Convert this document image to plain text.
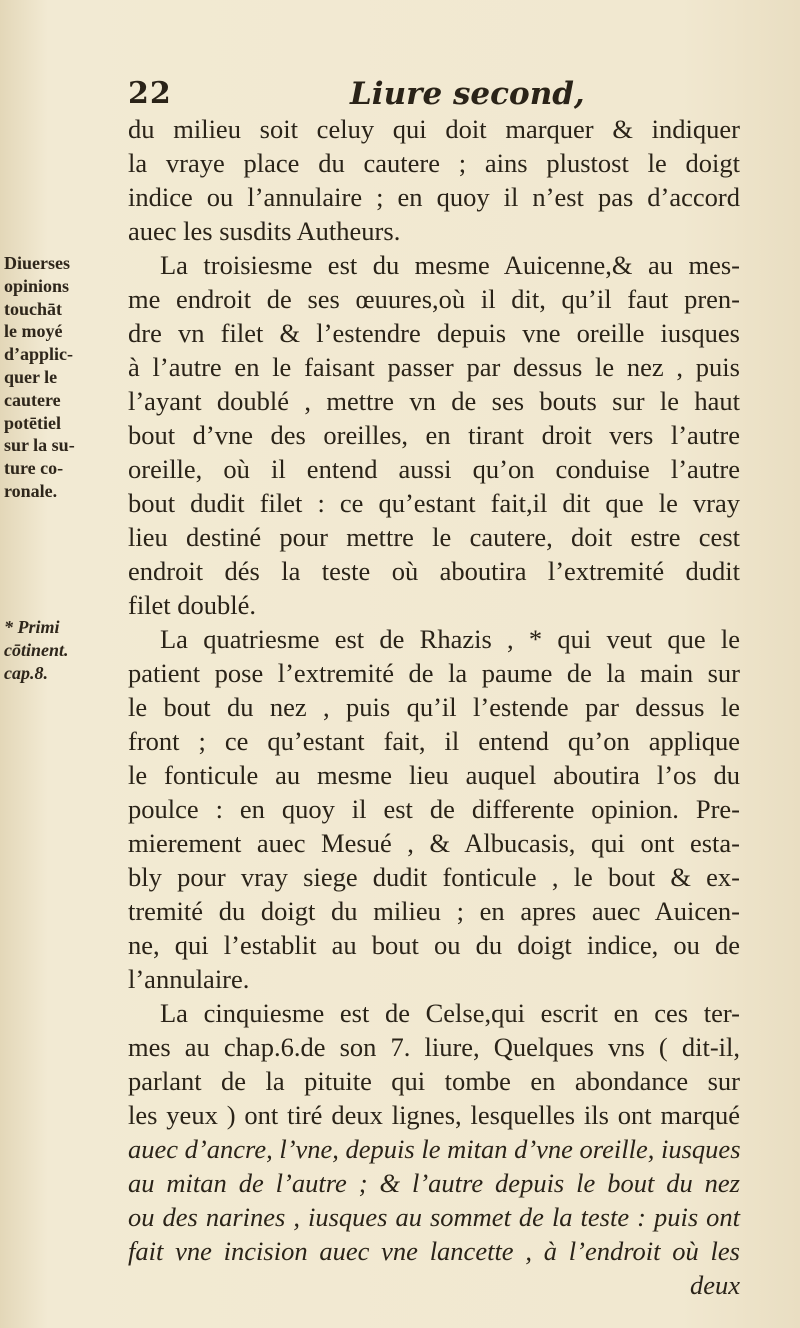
22	Liure second,
du milieu soit celuy qui doit marquer & indiquer
la vraye place du cautere ; ains plustost le doigt
indice ou l’annulaire ; en quoy il n’est pas d’accord
auec les susdits Autheurs.
La troisiesme est du mesme Auicenne,& au mes-
me endroit de ses œuures,où il dit, qu’il faut pren-
dre vn filet & l’estendre depuis vne oreille iusques
à l’autre en le faisant passer par dessus le nez , puis
l’ayant doublé , mettre vn de ses bouts sur le haut
bout d’vne des oreilles, en tirant droit vers l’autre
oreille, où il entend aussi qu’on conduise l’autre
bout dudit filet : ce qu’estant fait,il dit que le vray
lieu destiné pour mettre le cautere, doit estre cest
endroit dés la teste où aboutira l’extremité dudit
filet doublé.
La quatriesme est de Rhazis , * qui veut que le
patient pose l’extremité de la paume de la main sur
le bout du nez , puis qu’il l’estende par dessus le
front ; ce qu’estant fait, il entend qu’on applique
le fonticule au mesme lieu auquel aboutira l’os du
poulce : en quoy il est de differente opinion. Pre-
mierement auec Mesué , & Albucasis, qui ont esta-
bly pour vray siege dudit fonticule , le bout & ex-
tremité du doigt du milieu ; en apres auec Auicen-
ne, qui l’establit au bout ou du doigt indice, ou de
l’annulaire.
La cinquiesme est de Celse,qui escrit en ces ter-
mes au chap.6.de son 7. liure, Quelques vns ( dit-il,
parlant de la pituite qui tombe en abondance sur
les yeux ) ont tiré deux lignes, lesquelles ils ont marqué
auec d’ancre, l’vne, depuis le mitan d’vne oreille, iusques
au mitan de l’autre ; & l’autre depuis le bout du nez
ou des narines , iusques au sommet de la teste : puis ont
fait vne incision auec vne lancette , à l’endroit où les
deux
Diuerses
opinions
touchāt
le moyé
d’applic-
quer le
cautere
potētiel
sur la su-
ture co-
ronale.
* Primi
cōtinent.
cap.8.
